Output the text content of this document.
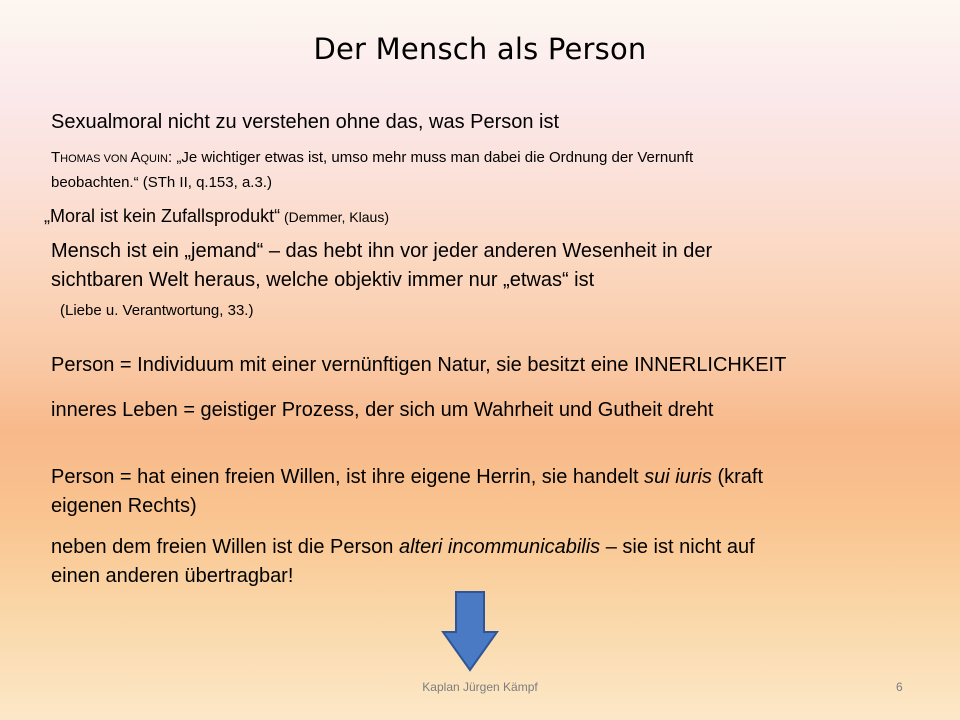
Der Mensch als Person
Sexualmoral nicht zu verstehen ohne das, was Person ist
THOMAS VON AQUIN: „Je wichtiger etwas ist, umso mehr muss man dabei die Ordnung der Vernunft
beobachten.“ (STh II, q.153, a.3.)
„Moral ist kein Zufallsprodukt“ (Demmer, Klaus)
Mensch ist ein „jemand“ – das hebt ihn vor jeder anderen Wesenheit in der
sichtbaren Welt heraus, welche objektiv immer nur „etwas“ ist
(Liebe u. Verantwortung, 33.)
Person = Individuum mit einer vernünftigen Natur, sie besitzt eine INNERLICHKEIT
inneres Leben = geistiger Prozess, der sich um Wahrheit und Gutheit dreht
Person = hat einen freien Willen, ist ihre eigene Herrin, sie handelt sui iuris (kraft
eigenen Rechts)
neben dem freien Willen ist die Person alteri incommunicabilis – sie ist nicht auf
einen anderen übertragbar!
Kaplan Jürgen Kämpf	6
